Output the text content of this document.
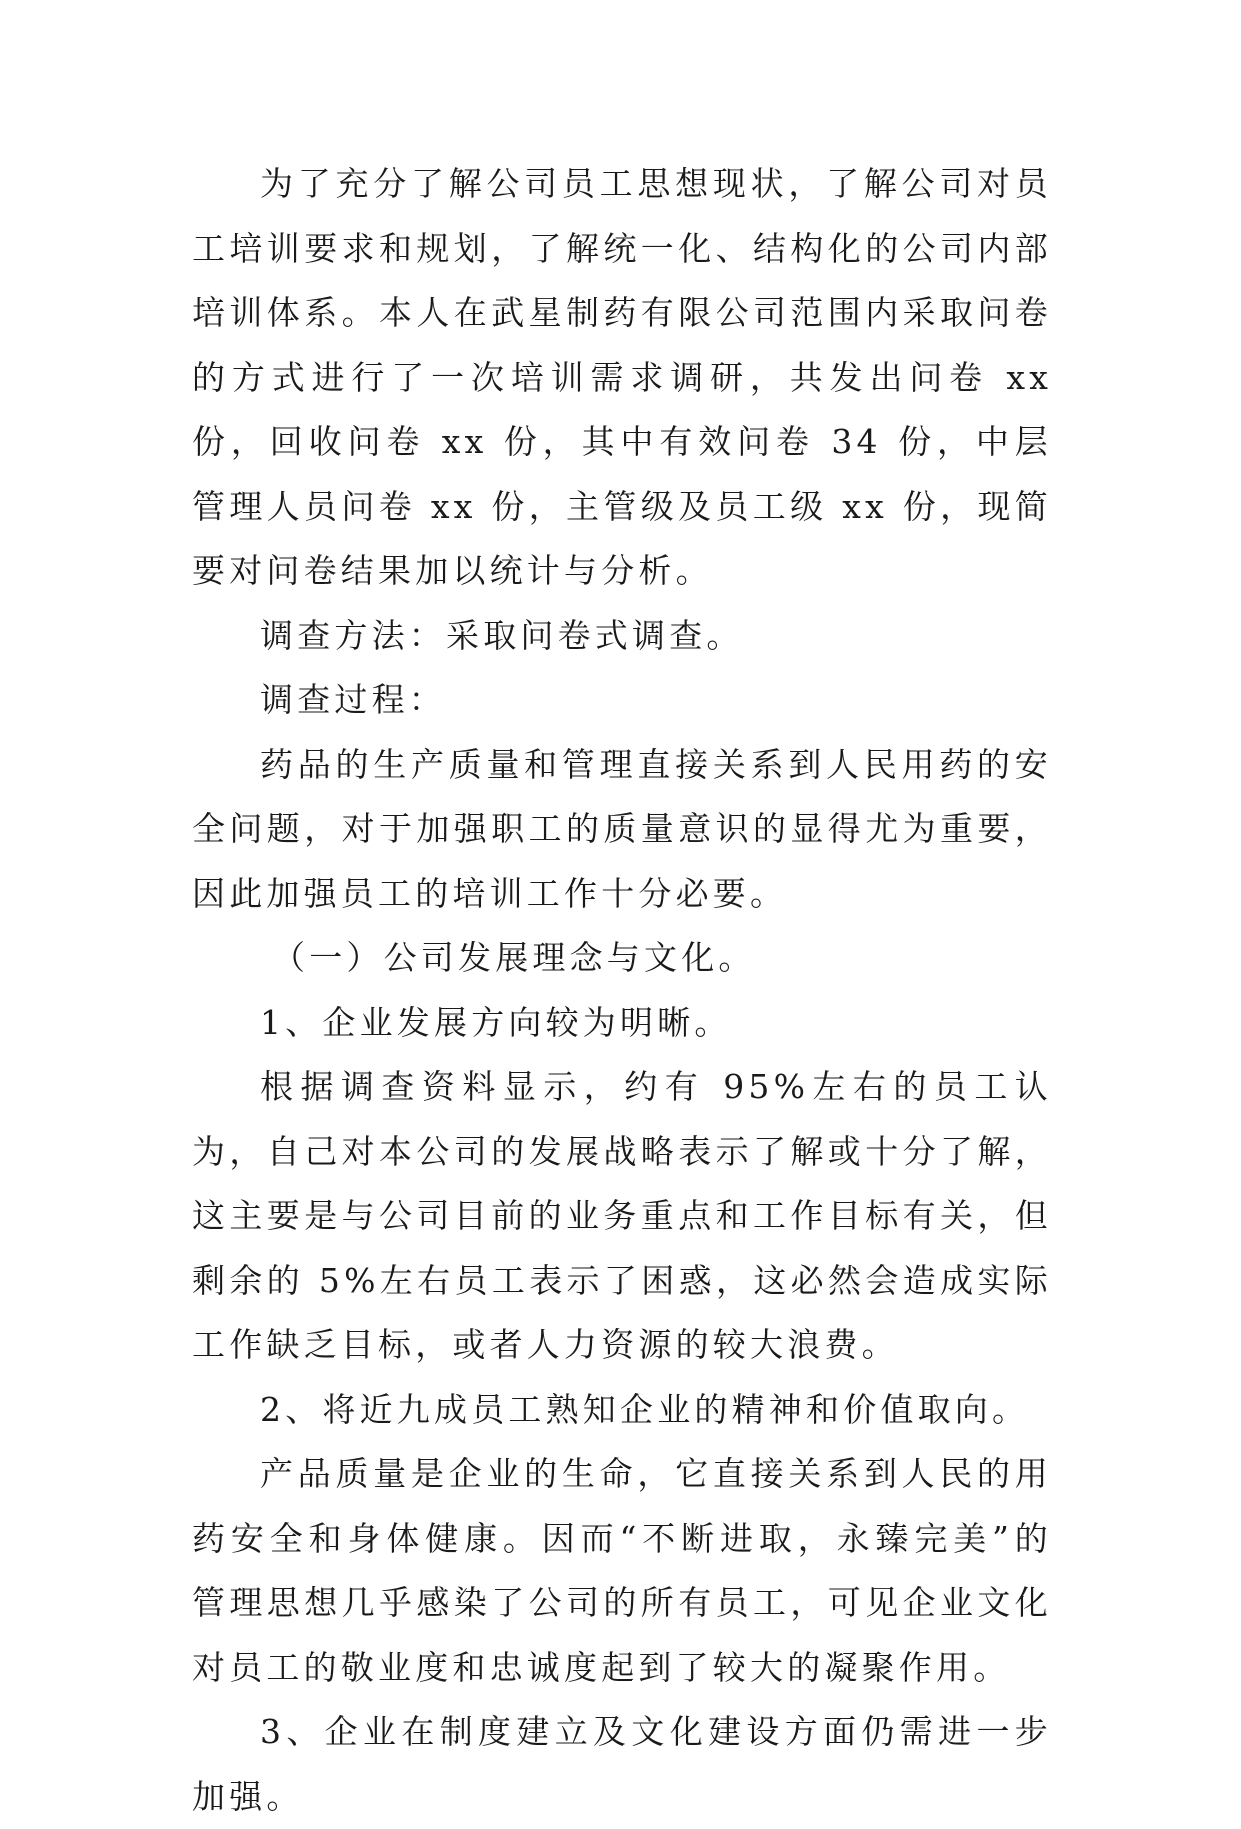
为了充分了解公司员工思想现状，了解公司对员工培训要求和规划，了解统一化、结构化的公司内部培训体系。本人在武星制药有限公司范围内采取问卷的方式进行了一次培训需求调研，共发出问卷 xx 份，回收问卷 xx 份，其中有效问卷 34 份，中层管理人员问卷 xx 份，主管级及员工级 xx 份，现简要对问卷结果加以统计与分析。

调查方法：采取问卷式调查。

调查过程：

药品的生产质量和管理直接关系到人民用药的安全问题，对于加强职工的质量意识的显得尤为重要，因此加强员工的培训工作十分必要。

（一）公司发展理念与文化。

1、企业发展方向较为明晰。

根据调查资料显示，约有 95%左右的员工认为，自己对本公司的发展战略表示了解或十分了解，这主要是与公司目前的业务重点和工作目标有关，但剩余的 5%左右员工表示了困惑，这必然会造成实际工作缺乏目标，或者人力资源的较大浪费。

2、将近九成员工熟知企业的精神和价值取向。

产品质量是企业的生命，它直接关系到人民的用药安全和身体健康。因而“不断进取，永臻完美”的管理思想几乎感染了公司的所有员工，可见企业文化对员工的敬业度和忠诚度起到了较大的凝聚作用。

3、企业在制度建立及文化建设方面仍需进一步加强。
